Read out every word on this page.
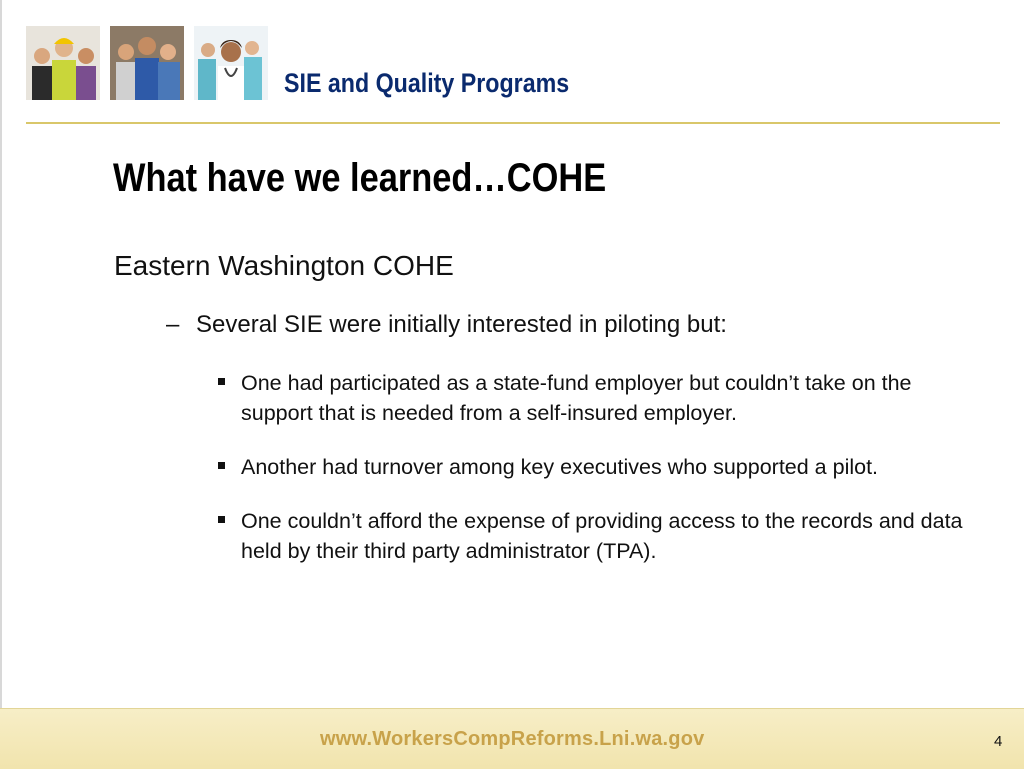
SIE and Quality Programs
What have we learned…COHE
Eastern Washington COHE
– Several SIE were initially interested in piloting but:
One had participated as a state-fund employer but couldn’t take on the support that is needed from a self-insured employer.
Another had turnover among key executives who supported a pilot.
One couldn’t afford the expense of providing access to the records and data held by their third party administrator (TPA).
www.WorkersCompReforms.Lni.wa.gov	4
